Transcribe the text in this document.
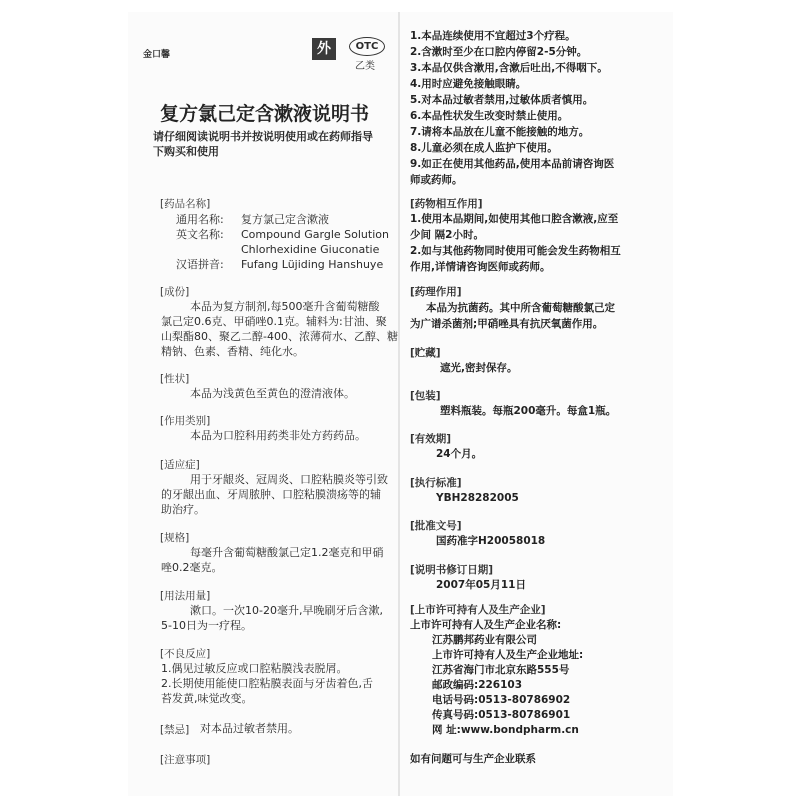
金口馨	外	OTC
乙类
复方氯己定含漱液说明书
请仔细阅读说明书并按说明使用或在药师指导
下购买和使用
[药品名称]
通用名称: 复方氯己定含漱液
英文名称: Compound Gargle Solution
Chlorhexidine Giuconatie
汉语拼音: Fufang Lüjiding Hanshuye
[成份]
本品为复方制剂,每500毫升含葡萄糖酸
氯己定0.6克、甲硝唑0.1克。辅料为:甘油、聚
山梨酯80、聚乙二醇-400、浓薄荷水、乙醇、糖
精钠、色素、香精、纯化水。
[性状]
本品为浅黄色至黄色的澄清液体。
[作用类别]
本品为口腔科用药类非处方药药品。
[适应症]
用于牙龈炎、冠周炎、口腔粘膜炎等引致
的牙龈出血、牙周脓肿、口腔粘膜溃疡等的辅
助治疗。
[规格]
每毫升含葡萄糖酸氯己定1.2毫克和甲硝
唑0.2毫克。
[用法用量]
漱口。一次10-20毫升,早晚刷牙后含漱,
5-10日为一疗程。
[不良反应]
1.偶见过敏反应或口腔粘膜浅表脱屑。
2.长期使用能使口腔粘膜表面与牙齿着色,舌
苔发黄,味觉改变。
[禁忌] 对本品过敏者禁用。
[注意事项]
1.本品连续使用不宜超过3个疗程。
2.含漱时至少在口腔内停留2-5分钟。
3.本品仅供含漱用,含漱后吐出,不得咽下。
4.用时应避免接触眼睛。
5.对本品过敏者禁用,过敏体质者慎用。
6.本品性状发生改变时禁止使用。
7.请将本品放在儿童不能接触的地方。
8.儿童必须在成人监护下使用。
9.如正在使用其他药品,使用本品前请咨询医
师或药师。
[药物相互作用]
1.使用本品期间,如使用其他口腔含漱液,应至
少间 隔2小时。
2.如与其他药物同时使用可能会发生药物相互
作用,详情请咨询医师或药师。
[药理作用]
本品为抗菌药。其中所含葡萄糖酸氯己定
为广谱杀菌剂;甲硝唑具有抗厌氧菌作用。
[贮藏]
遮光,密封保存。
[包装]
塑料瓶装。每瓶200毫升。每盒1瓶。
[有效期]
24个月。
[执行标准]
YBH28282005
[批准文号]
国药准字H20058018
[说明书修订日期]
2007年05月11日
[上市许可持有人及生产企业]
上市许可持有人及生产企业名称:
江苏鹏邦药业有限公司
上市许可持有人及生产企业地址:
江苏省海门市北京东路555号
邮政编码:226103
电话号码:0513-80786902
传真号码:0513-80786901
网 址:www.bondpharm.cn
如有问题可与生产企业联系
